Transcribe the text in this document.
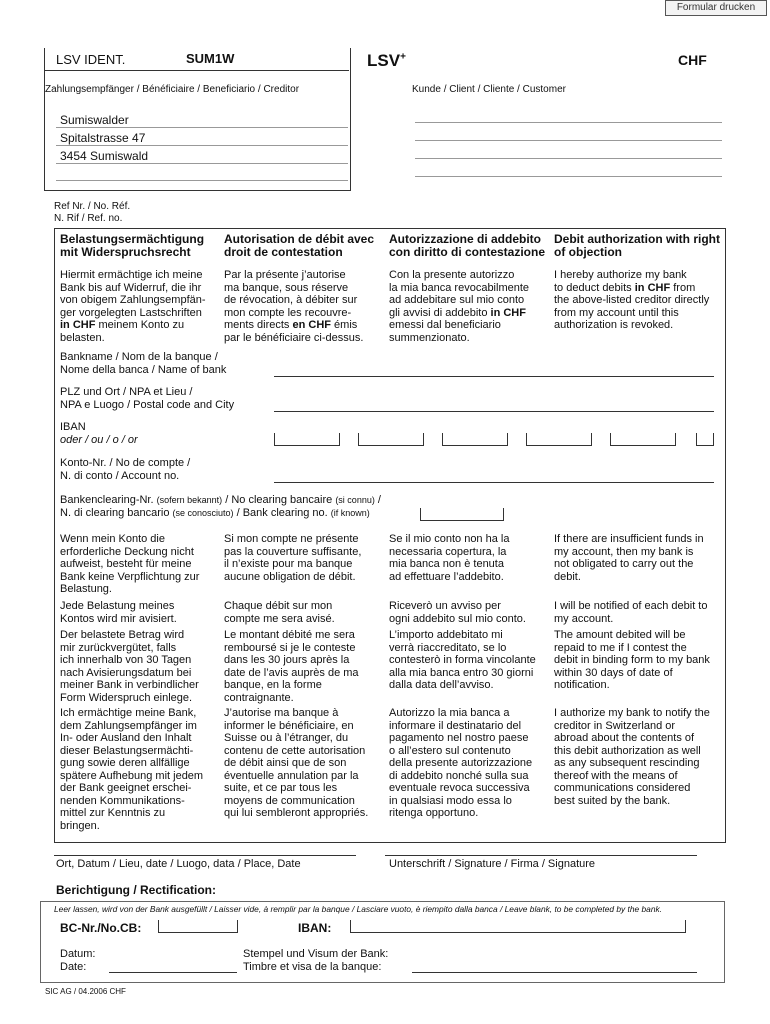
Formular drucken
LSV IDENT.	SUM1W	LSV+	CHF
Zahlungsempfänger / Bénéficiaire / Beneficiario / Creditor	Kunde / Client / Cliente / Customer
Sumiswalder
Spitalstrasse 47
3454 Sumiswald
Ref Nr. / No. Réf.
N. Rif / Ref. no.
Belastungsermächtigung
mit Widerspruchsrecht
Autorisation de débit avec
droit de contestation
Autorizzazione di addebito
con diritto di contestazione
Debit authorization with right
of objection
Hiermit ermächtige ich meine
Bank bis auf Widerruf, die ihr
von obigem Zahlungsempfän-
ger vorgelegten Lastschriften
in CHF meinem Konto zu
belasten.
Par la présente j’autorise
ma banque, sous réserve
de révocation, à débiter sur
mon compte les recouvre-
ments directs en CHF émis
par le bénéficiaire ci-dessus.
Con la presente autorizzo
la mia banca revocabilmente
ad addebitare sul mio conto
gli avvisi di addebito in CHF
emessi dal beneficiario
summenzionato.
I hereby authorize my bank
to deduct debits in CHF from
the above-listed creditor directly
from my account until this
authorization is revoked.
Bankname / Nom de la banque /
Nome della banca / Name of bank
PLZ und Ort / NPA et Lieu /
NPA e Luogo / Postal code and City
IBAN
oder / ou / o / or
Konto-Nr. / No de compte /
N. di conto / Account no.
Bankenclearing-Nr. (sofern bekannt) / No clearing bancaire (si connu) /
N. di clearing bancario (se conosciuto) / Bank clearing no. (if known)
Wenn mein Konto die
erforderliche Deckung nicht
aufweist, besteht für meine
Bank keine Verpflichtung zur
Belastung.
Si mon compte ne présente
pas la couverture suffisante,
il n’existe pour ma banque
aucune obligation de débit.
Se il mio conto non ha la
necessaria copertura, la
mia banca non è tenuta
ad effettuare l’addebito.
If there are insufficient funds in
my account, then my bank is
not obligated to carry out the
debit.
Jede Belastung meines
Kontos wird mir avisiert.
Chaque débit sur mon
compte me sera avisé.
Riceverò un avviso per
ogni addebito sul mio conto.
I will be notified of each debit to
my account.
Der belastete Betrag wird
mir zurückvergütet, falls
ich innerhalb von 30 Tagen
nach Avisierungsdatum bei
meiner Bank in verbindlicher
Form Widerspruch einlege.
Le montant débité me sera
remboursé si je le conteste
dans les 30 jours après la
date de l’avis auprès de ma
banque, en la forme
contraignante.
L’importo addebitato mi
verrà riaccreditato, se lo
contesterò in forma vincolante
alla mia banca entro 30 giorni
dalla data dell’avviso.
The amount debited will be
repaid to me if I contest the
debit in binding form to my bank
within 30 days of date of
notification.
Ich ermächtige meine Bank,
dem Zahlungsempfänger im
In- oder Ausland den Inhalt
dieser Belastungsermächti-
gung sowie deren allfällige
spätere Aufhebung mit jedem
der Bank geeignet erschei-
nenden Kommunikations-
mittel zur Kenntnis zu
bringen.
J’autorise ma banque à
informer le bénéficiaire, en
Suisse ou à l’étranger, du
contenu de cette autorisation
de débit ainsi que de son
éventuelle annulation par la
suite, et ce par tous les
moyens de communication
qui lui sembleront appropriés.
Autorizzo la mia banca a
informare il destinatario del
pagamento nel nostro paese
o all’estero sul contenuto
della presente autorizzazione
di addebito nonché sulla sua
eventuale revoca successiva
in qualsiasi modo essa lo
ritenga opportuno.
I authorize my bank to notify the
creditor in Switzerland or
abroad about the contents of
this debit authorization as well
as any subsequent rescinding
thereof with the means of
communications considered
best suited by the bank.
Ort, Datum / Lieu, date / Luogo, data / Place, Date	Unterschrift / Signature / Firma / Signature
Berichtigung / Rectification:
Leer lassen, wird von der Bank ausgefüllt / Laisser vide, à remplir par la banque / Lasciare vuoto, è riempito dalla banca / Leave blank, to be completed by the bank.
BC-Nr./No.CB:	IBAN:
Datum:
Date:
Stempel und Visum der Bank:
Timbre et visa de la banque:
SIC AG / 04.2006 CHF
